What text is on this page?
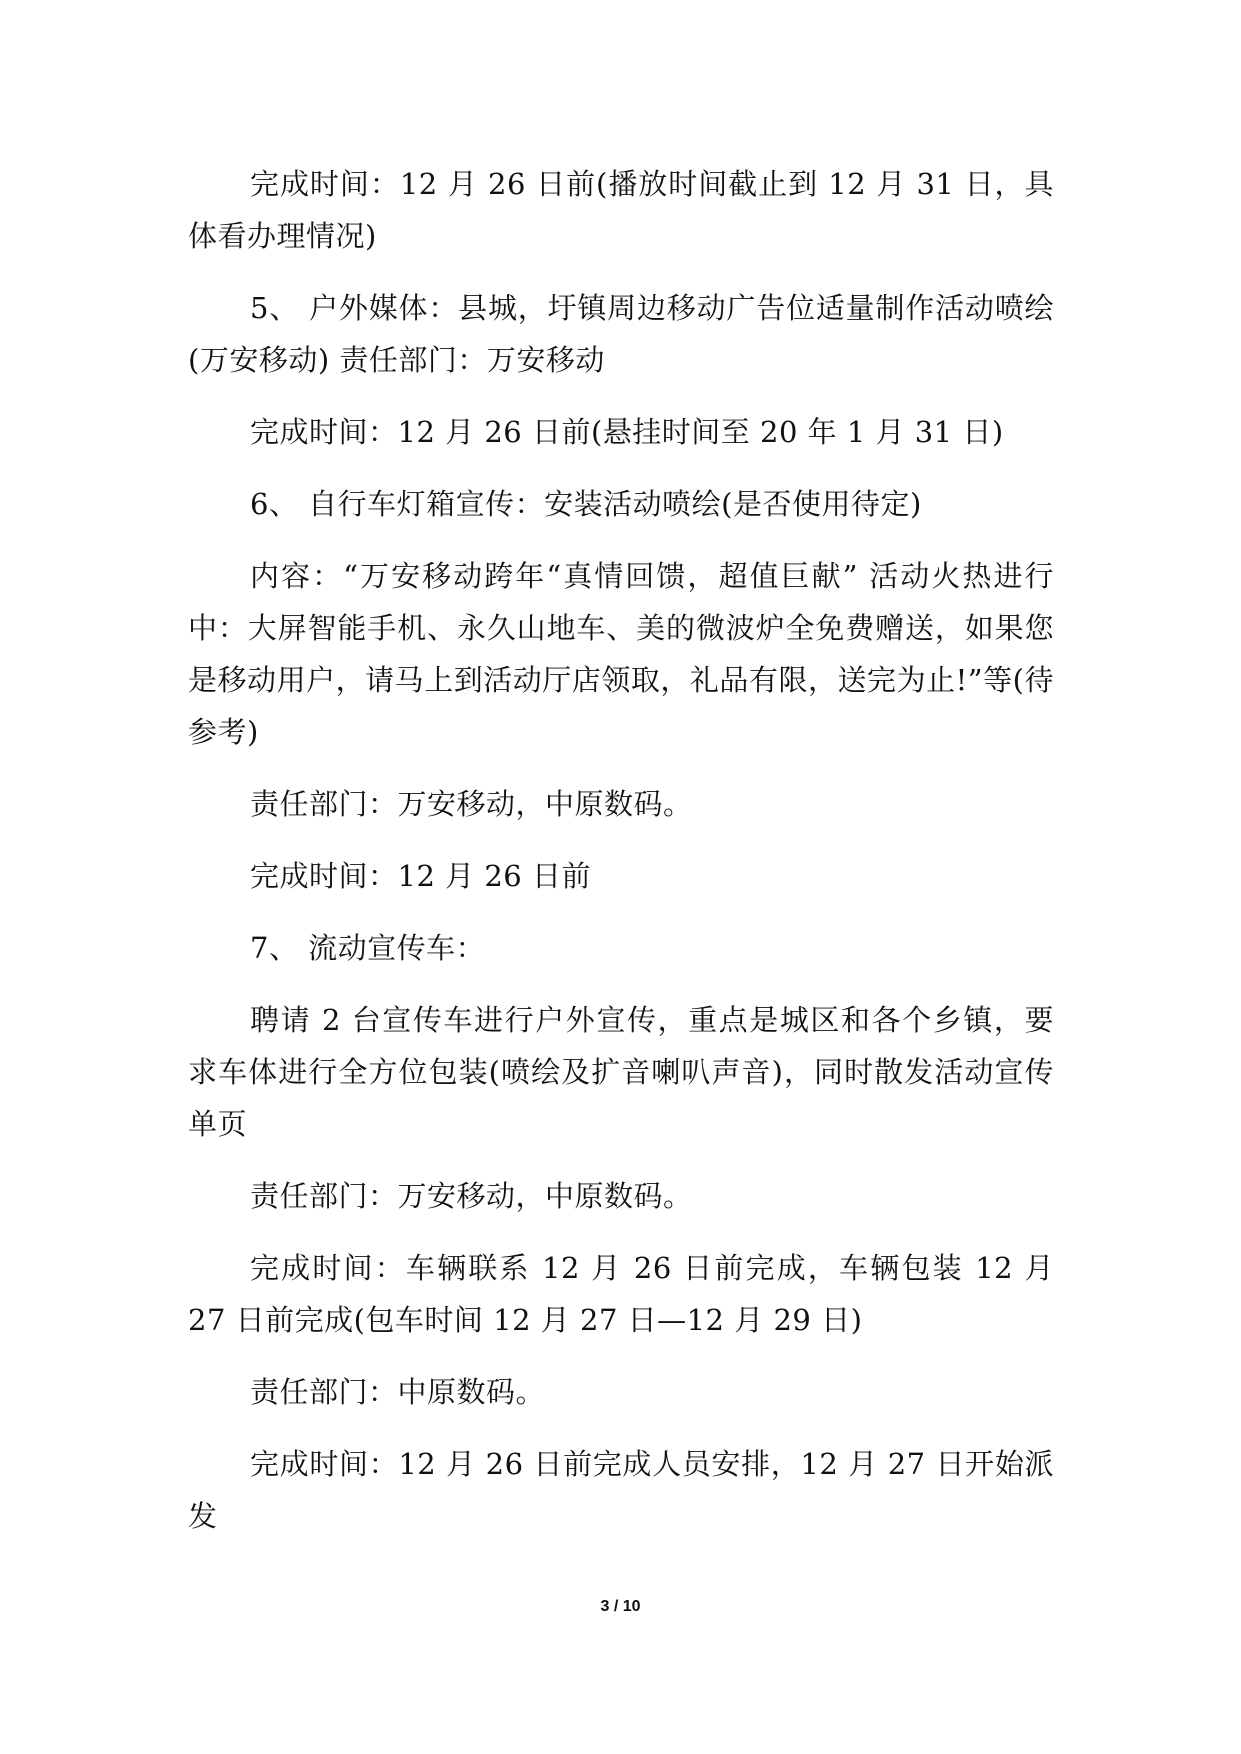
完成时间：12 月 26 日前(播放时间截止到 12 月 31 日，具体看办理情况)

5、 户外媒体：县城，圩镇周边移动广告位适量制作活动喷绘(万安移动) 责任部门：万安移动

完成时间：12 月 26 日前(悬挂时间至 20 年 1 月 31 日)

6、 自行车灯箱宣传：安装活动喷绘(是否使用待定)

内容：“万安移动跨年“真情回馈，超值巨献” 活动火热进行中：大屏智能手机、永久山地车、美的微波炉全免费赠送，如果您是移动用户，请马上到活动厅店领取，礼品有限，送完为止!”等(待参考)

责任部门：万安移动，中原数码。

完成时间：12 月 26 日前

7、 流动宣传车：

聘请 2 台宣传车进行户外宣传，重点是城区和各个乡镇，要求车体进行全方位包装(喷绘及扩音喇叭声音)，同时散发活动宣传单页

责任部门：万安移动，中原数码。

完成时间：车辆联系 12 月 26 日前完成，车辆包装 12 月 27 日前完成(包车时间 12 月 27 日—12 月 29 日)

责任部门：中原数码。

完成时间：12 月 26 日前完成人员安排，12 月 27 日开始派发

3 / 10
